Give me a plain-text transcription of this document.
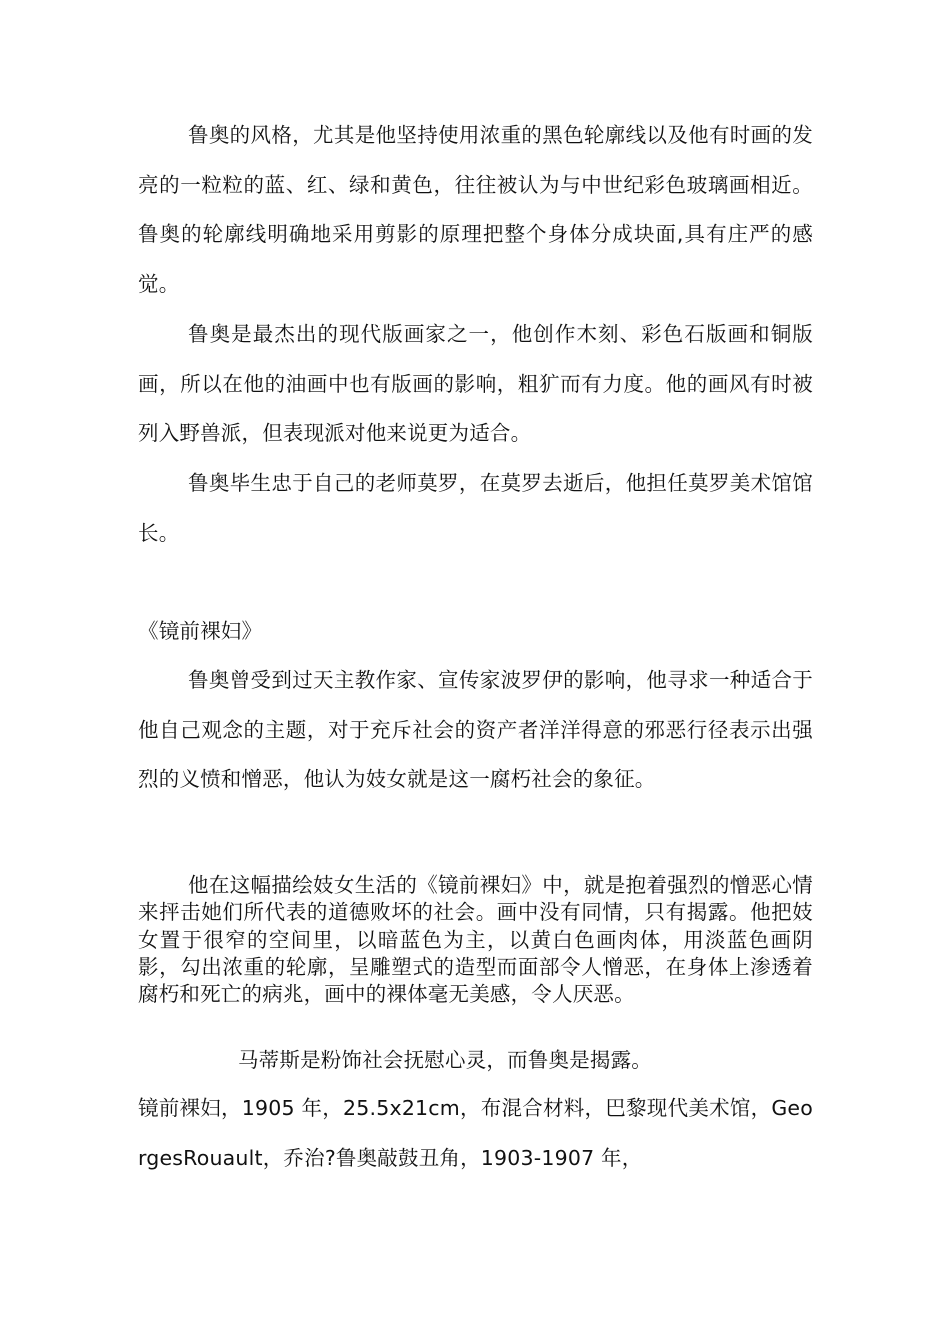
鲁奥的风格，尤其是他坚持使用浓重的黑色轮廓线以及他有时画的发亮的一粒粒的蓝、红、绿和黄色，往往被认为与中世纪彩色玻璃画相近。鲁奥的轮廓线明确地采用剪影的原理把整个身体分成块面,具有庄严的感觉。

鲁奥是最杰出的现代版画家之一，他创作木刻、彩色石版画和铜版画，所以在他的油画中也有版画的影响，粗犷而有力度。他的画风有时被列入野兽派，但表现派对他来说更为适合。

鲁奥毕生忠于自己的老师莫罗，在莫罗去逝后，他担任莫罗美术馆馆长。

《镜前裸妇》

鲁奥曾受到过天主教作家、宣传家波罗伊的影响，他寻求一种适合于他自己观念的主题，对于充斥社会的资产者洋洋得意的邪恶行径表示出强烈的义愤和憎恶，他认为妓女就是这一腐朽社会的象征。

他在这幅描绘妓女生活的《镜前裸妇》中，就是抱着强烈的憎恶心情来抨击她们所代表的道德败坏的社会。画中没有同情，只有揭露。他把妓女置于很窄的空间里，以暗蓝色为主，以黄白色画肉体，用淡蓝色画阴影，勾出浓重的轮廓，呈雕塑式的造型而面部令人憎恶，在身体上渗透着腐朽和死亡的病兆，画中的裸体毫无美感，令人厌恶。

马蒂斯是粉饰社会抚慰心灵，而鲁奥是揭露。

镜前裸妇，1905 年，25.5x21cm，布混合材料，巴黎现代美术馆，GeorgesRouault，乔治?鲁奥敲鼓丑角，1903-1907 年，
